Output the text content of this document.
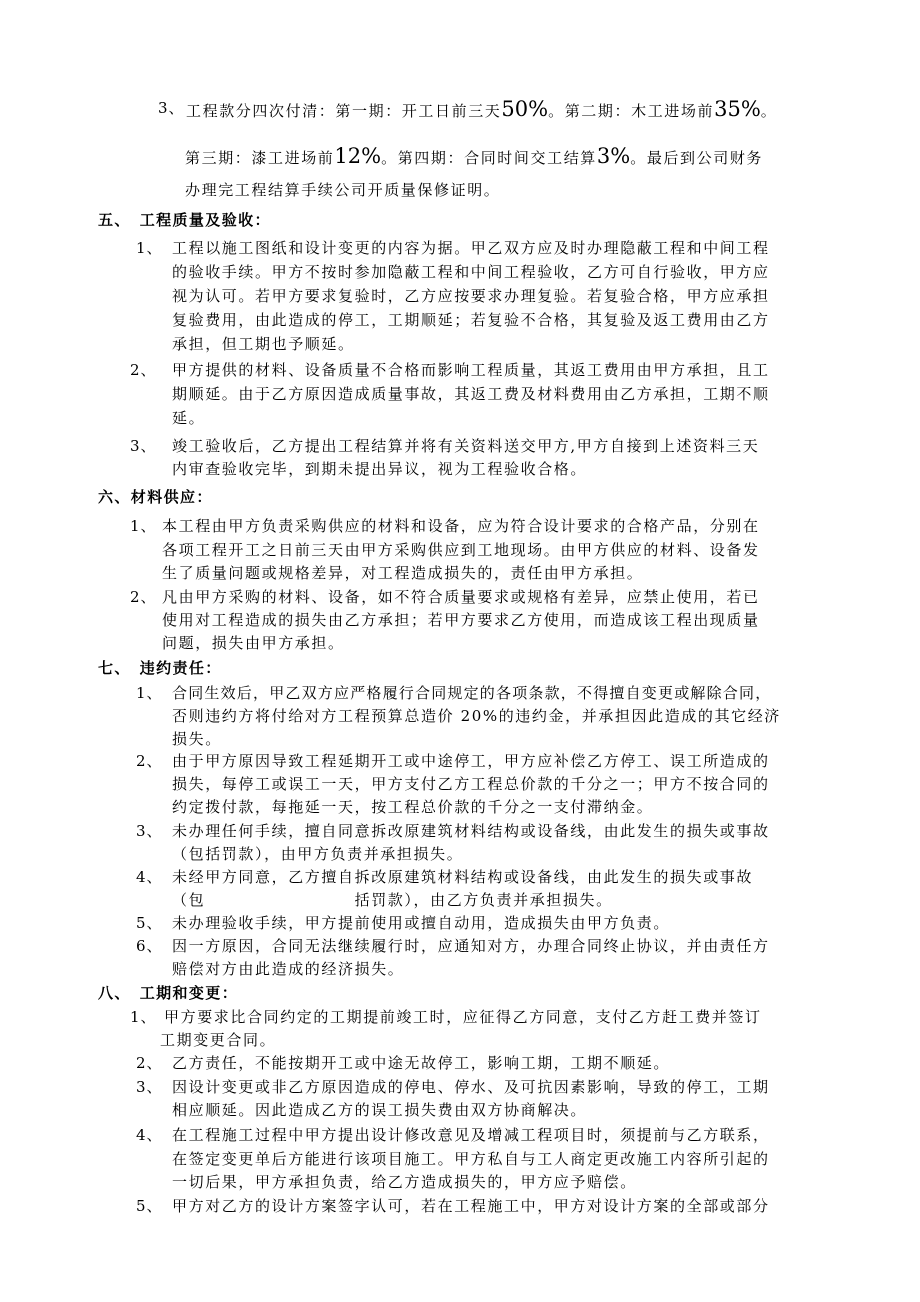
3、 工程款分四次付清：第一期：开工日前三天50%。第二期：木工进场前35%。
第三期：漆工进场前12%。第四期：合同时间交工结算3%。最后到公司财务
办理完工程结算手续公司开质量保修证明。
五、　工程质量及验收：
1、 工程以施工图纸和设计变更的内容为据。甲乙双方应及时办理隐蔽工程和中间工程
的验收手续。甲方不按时参加隐蔽工程和中间工程验收，乙方可自行验收，甲方应
视为认可。若甲方要求复验时，乙方应按要求办理复验。若复验合格，甲方应承担
复验费用，由此造成的停工，工期顺延；若复验不合格，其复验及返工费用由乙方
承担，但工期也予顺延。
2、 甲方提供的材料、设备质量不合格而影响工程质量，其返工费用由甲方承担，且工
期顺延。由于乙方原因造成质量事故，其返工费及材料费用由乙方承担，工期不顺
延。
3、 竣工验收后，乙方提出工程结算并将有关资料送交甲方,甲方自接到上述资料三天
内审查验收完毕，到期未提出异议，视为工程验收合格。
六、材料供应：
1、 本工程由甲方负责采购供应的材料和设备，应为符合设计要求的合格产品，分别在
各项工程开工之日前三天由甲方采购供应到工地现场。由甲方供应的材料、设备发
生了质量问题或规格差异，对工程造成损失的，责任由甲方承担。
2、 凡由甲方采购的材料、设备，如不符合质量要求或规格有差异，应禁止使用，若已
使用对工程造成的损失由乙方承担；若甲方要求乙方使用，而造成该工程出现质量
问题，损失由甲方承担。
七、　违约责任：
1、 合同生效后，甲乙双方应严格履行合同规定的各项条款，不得擅自变更或解除合同，
否则违约方将付给对方工程预算总造价 20%的违约金，并承担因此造成的其它经济
损失。
2、 由于甲方原因导致工程延期开工或中途停工，甲方应补偿乙方停工、误工所造成的
损失，每停工或误工一天，甲方支付乙方工程总价款的千分之一；甲方不按合同的
约定拨付款，每拖延一天，按工程总价款的千分之一支付滞纳金。
3、 未办理任何手续，擅自同意拆改原建筑材料结构或设备线，由此发生的损失或事故
（包括罚款），由甲方负责并承担损失。
4、 未经甲方同意，乙方擅自拆改原建筑材料结构或设备线，由此发生的损失或事故
（包　　　　　　　　　括罚款），由乙方负责并承担损失。
5、 未办理验收手续，甲方提前使用或擅自动用，造成损失由甲方负责。
6、 因一方原因，合同无法继续履行时，应通知对方，办理合同终止协议，并由责任方
赔偿对方由此造成的经济损失。
八、　工期和变更：
1、 甲方要求比合同约定的工期提前竣工时，应征得乙方同意，支付乙方赶工费并签订
工期变更合同。
2、 乙方责任，不能按期开工或中途无故停工，影响工期，工期不顺延。
3、 因设计变更或非乙方原因造成的停电、停水、及可抗因素影响，导致的停工，工期
相应顺延。因此造成乙方的误工损失费由双方协商解决。
4、 在工程施工过程中甲方提出设计修改意见及增减工程项目时，须提前与乙方联系，
在签定变更单后方能进行该项目施工。甲方私自与工人商定更改施工内容所引起的
一切后果，甲方承担负责，给乙方造成损失的，甲方应予赔偿。
5、 甲方对乙方的设计方案签字认可，若在工程施工中，甲方对设计方案的全部或部分
